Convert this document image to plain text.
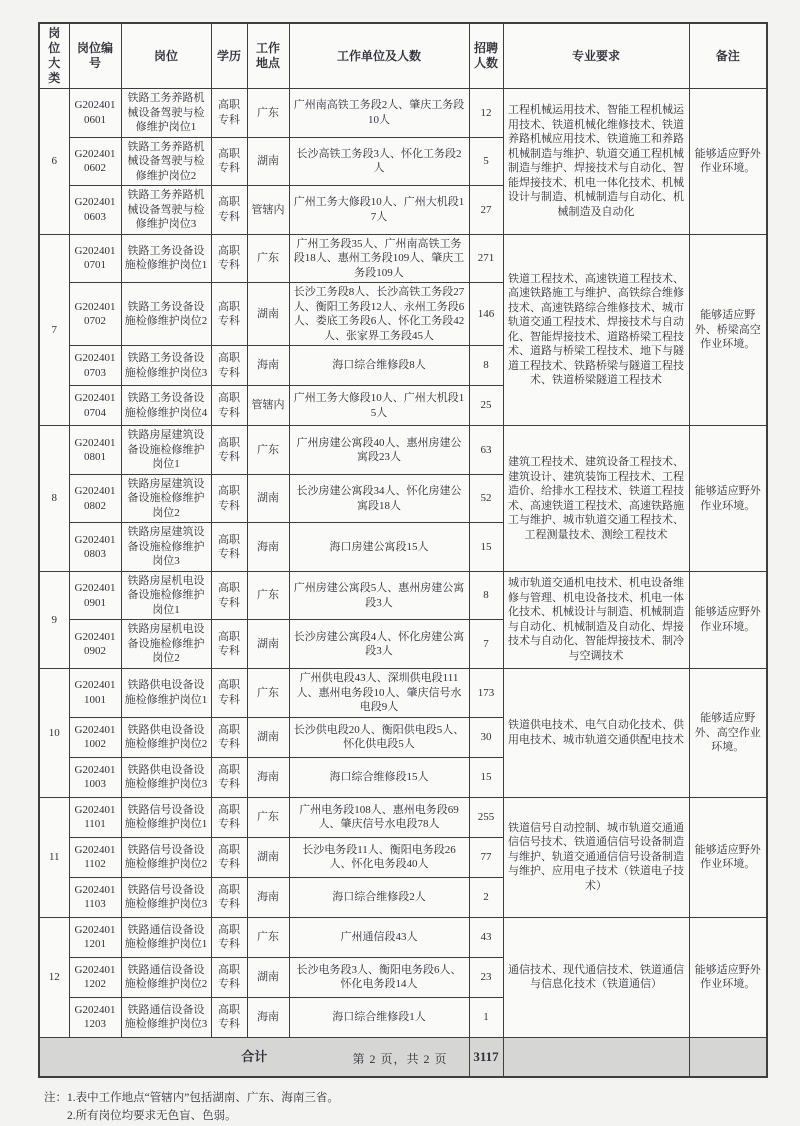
岗位大类	岗位编号	岗位	学历	工作地点	工作单位及人数	招聘人数	专业要求	备注
6	G2024010601	铁路工务养路机械设备驾驶与检修维护岗位1	高职专科	广东	广州南高铁工务段2人、肇庆工务段10人	12	工程机械运用技术、智能工程机械运用技术、铁道机械化维修技术、铁道养路机械应用技术、铁道施工和养路机械制造与维护、轨道交通工程机械制造与维护、焊接技术与自动化、智能焊接技术、机电一体化技术、机械设计与制造、机械制造与自动化、机械制造及自动化	能够适应野外作业环境。
	G2024010602	铁路工务养路机械设备驾驶与检修维护岗位2	高职专科	湖南	长沙高铁工务段3人、怀化工务段2人	5		
	G2024010603	铁路工务养路机械设备驾驶与检修维护岗位3	高职专科	管辖内	广州工务大修段10人、广州大机段17人	27		
7	G2024010701	铁路工务设备设施检修维护岗位1	高职专科	广东	广州工务段35人、广州南高铁工务段18人、惠州工务段109人、肇庆工务段109人	271	铁道工程技术、高速铁道工程技术、高速铁路施工与维护、高铁综合维修技术、高速铁路综合维修技术、城市轨道交通工程技术、焊接技术与自动化、智能焊接技术、道路桥梁工程技术、道路与桥梁工程技术、地下与隧道工程技术、铁路桥梁与隧道工程技术、铁道桥梁隧道工程技术	能够适应野外、桥梁高空作业环境。
	G2024010702	铁路工务设备设施检修维护岗位2	高职专科	湖南	长沙工务段8人、长沙高铁工务段27人、衡阳工务段12人、永州工务段6人、娄底工务段6人、怀化工务段42人、张家界工务段45人	146		
	G2024010703	铁路工务设备设施检修维护岗位3	高职专科	海南	海口综合维修段8人	8		
	G2024010704	铁路工务设备设施检修维护岗位4	高职专科	管辖内	广州工务大修段10人、广州大机段15人	25		
8	G2024010801	铁路房屋建筑设备设施检修维护岗位1	高职专科	广东	广州房建公寓段40人、惠州房建公寓段23人	63	建筑工程技术、建筑设备工程技术、建筑设计、建筑装饰工程技术、工程造价、给排水工程技术、铁道工程技术、高速铁道工程技术、高速铁路施工与维护、城市轨道交通工程技术、工程测量技术、测绘工程技术	能够适应野外作业环境。
	G2024010802	铁路房屋建筑设备设施检修维护岗位2	高职专科	湖南	长沙房建公寓段34人、怀化房建公寓段18人	52		
	G2024010803	铁路房屋建筑设备设施检修维护岗位3	高职专科	海南	海口房建公寓段15人	15		
9	G2024010901	铁路房屋机电设备设施检修维护岗位1	高职专科	广东	广州房建公寓段5人、惠州房建公寓段3人	8	城市轨道交通机电技术、机电设备维修与管理、机电设备技术、机电一体化技术、机械设计与制造、机械制造与自动化、机械制造及自动化、焊接技术与自动化、智能焊接技术、制冷与空调技术	能够适应野外作业环境。
	G2024010902	铁路房屋机电设备设施检修维护岗位2	高职专科	湖南	长沙房建公寓段4人、怀化房建公寓段3人	7		
10	G2024011001	铁路供电设备设施检修维护岗位1	高职专科	广东	广州供电段43人、深圳供电段111人、惠州电务段10人、肇庆信号水电段9人	173	铁道供电技术、电气自动化技术、供用电技术、城市轨道交通供配电技术	能够适应野外、高空作业环境。
	G2024011002	铁路供电设备设施检修维护岗位2	高职专科	湖南	长沙供电段20人、衡阳供电段5人、怀化供电段5人	30		
	G2024011003	铁路供电设备设施检修维护岗位3	高职专科	海南	海口综合维修段15人	15		
11	G2024011101	铁路信号设备设施检修维护岗位1	高职专科	广东	广州电务段108人、惠州电务段69人、肇庆信号水电段78人	255	铁道信号自动控制、城市轨道交通通信信号技术、铁道通信信号设备制造与维护、轨道交通通信信号设备制造与维护、应用电子技术（铁道电子技术）	能够适应野外作业环境。
	G2024011102	铁路信号设备设施检修维护岗位2	高职专科	湖南	长沙电务段11人、衡阳电务段26人、怀化电务段40人	77		
	G2024011103	铁路信号设备设施检修维护岗位3	高职专科	海南	海口综合维修段2人	2		
12	G2024011201	铁路通信设备设施检修维护岗位1	高职专科	广东	广州通信段43人	43	通信技术、现代通信技术、铁道通信与信息化技术（铁道通信）	能够适应野外作业环境。
	G2024011202	铁路通信设备设施检修维护岗位2	高职专科	湖南	长沙电务段3人、衡阳电务段6人、怀化电务段14人	23		
	G2024011203	铁路通信设备设施检修维护岗位3	高职专科	海南	海口综合维修段1人	1		
合计						3117		
注： 1.表中工作地点“管辖内”包括湖南、广东、海南三省。
2.所有岗位均要求无色盲、色弱。
第 2 页，共 2 页
